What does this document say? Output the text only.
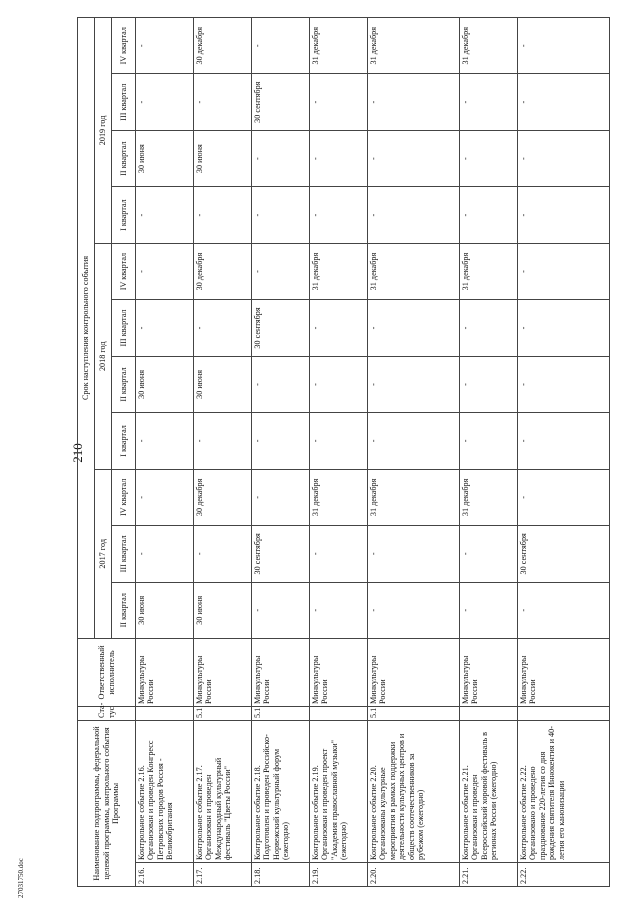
210
27031750.doc	Наименование подпрограммы, федеральной целевой программы, контрольного события Программы		Ста-тус	Ответственный исполнитель	Срок наступления контрольного события										
				2017 год			2018 год				2019 год			
				II квартал	III квартал	IV квартал	I квартал	II квартал	III квартал	IV квартал	I квартал	II квартал	III квартал	IV квартал
2.16.	Контрольное событие 2.16. Организован и проведен Конгресс Петровских городов Россия - Великобритания		Минкультуры России	30 июня	-	-	-	30 июня	-	-	-	30 июня	-	-
2.17.	Контрольное событие 2.17. Организован и проведен Международный культурный фестиваль "Цветы России"	5.1	Минкультуры России	30 июня	-	30 декабря	-	30 июня	-	30 декабря	-	30 июня	-	30 декабря
2.18.	Контрольное событие 2.18. Подготовлен и проведен Российско-Норвежский культурный форум (ежегодно)	5.1	Минкультуры России	-	30 сентября	-	-	-	30 сентября	-	-	-	30 сентября	-
2.19.	Контрольное событие 2.19. Организован и проведен проект "Академия православной музыки" (ежегодно)		Минкультуры России	-	-	31 декабря	-	-	-	31 декабря	-	-	-	31 декабря
2.20.	Контрольное событие 2.20. Организованы культурные мероприятия в рамках поддержки деятельности культурных центров и обществ соотечественников за рубежом (ежегодно)	5.1	Минкультуры России	-	-	31 декабря	-	-	-	31 декабря	-	-	-	31 декабря
2.21.	Контрольное событие 2.21. Организован и проведен Всероссийский хоровой фестиваль в регионах России (ежегодно)		Минкультуры России	-	-	31 декабря	-	-	-	31 декабря	-	-	-	31 декабря
2.22.	Контрольное событие 2.22. Организовано и проведено празднование 220-летия со дня рождения святителя Иннокентия и 40-летия его канонизации		Минкультуры России	-	30 сентября	-	-	-	-	-	-	-	-	-
